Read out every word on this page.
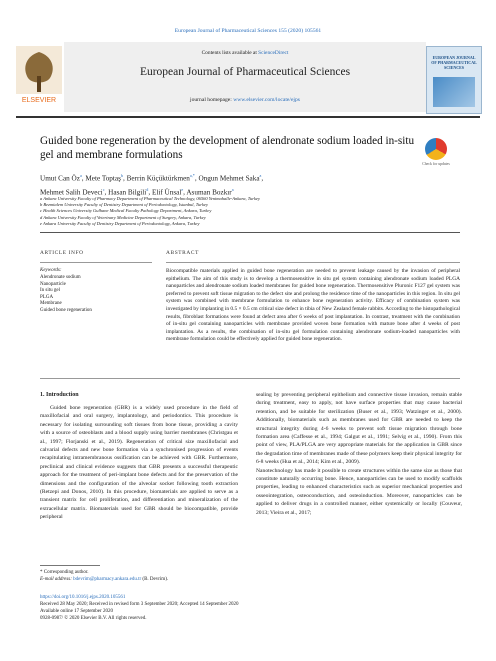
European Journal of Pharmaceutical Sciences 155 (2020) 105561
ELSEVIER
Contents lists available at ScienceDirect
European Journal of Pharmaceutical Sciences
journal homepage: www.elsevier.com/locate/ejps
EUROPEAN JOURNAL OF PHARMACEUTICAL SCIENCES
Guided bone regeneration by the development of alendronate sodium loaded in-situ gel and membrane formulations
Check for updates
Umut Can $Öz^a$, Mete Toptaş$^b$, Berrin Küçüktürkmen$^{a,*}$, Ongun Mehmet Saka$^a$,
Mehmet Salih Deveci$^c$, Hasan Bilgili$^d$, Elif Ünsal$^e$, Asuman Bozkır$^a$
a Ankara University Faculty of Pharmacy Department of Pharmaceutical Technology, 06560 Yenimahalle-Ankara, Turkey
b Bezmialem University Faculty of Dentistry Department of Periodontology, Istanbul, Turkey
c Health Sciences University Gulhane Medical Faculty Pathology Department, Ankara, Turkey
d Ankara University Faculty of Veterinary Medicine Department of Surgery, Ankara, Turkey
e Ankara University Faculty of Dentistry Department of Periodontology, Ankara, Turkey
ARTICLE INFO	ABSTRACT
Keywords:
Alendronate sodium
Nanoparticle
In situ gel
PLGA
Membrane
Guided bone regeneration
Biocompatible materials applied in guided bone regeneration are needed to prevent leakage caused by the invasion of peripheral epithelium. The aim of this study is to develop a thermosensitive in situ gel system containing alendronate sodium loaded PLGA nanoparticles and alendronate sodium loaded membranes for guided bone regeneration. Thermosensitive Pluronic F127 gel system was preferred to prevent soft tissue migration to the defect site and prolong the residence time of the nanoparticles in this region. In situ gel system was combined with membrane formulation to enhance bone regeneration activity. Efficacy of combination system was investigated by implanting in 0.5 × 0.5 cm critical size defect in tibia of New Zealand female rabbits. According to the histopathological results, fibroblast formations were found at defect area after 6 weeks of post implantation. In contrast, treatment with the combination of in-situ gel containing nanoparticles with membrane provided woven bone formation with mature bone after 4 weeks of post implantation. As a results, the combination of in-situ gel formulation containing alendronate sodium-loaded nanoparticles with membrane formulation could be effectively applied for guided bone regeneration.
1. Introduction
Guided bone regeneration (GBR) is a widely used procedure in the field of maxillofacial and oral surgery, implantology, and periodontics. This procedure is necessary for isolating surrounding soft tissues from bone tissue, providing a cavity with a source of osteoblasts and a blood supply using barrier membranes (Christgau et al., 1997; Florjanski et al., 2019). Regeneration of critical size maxillofacial and calvarial defects and new bone formation via a synchronised progression of events recapitulating intramembranous ossification can be achieved with GBR. Furthermore, preclinical and clinical evidence suggests that GBR presents a successful therapeutic approach for the treatment of peri-implant bone defects and for the preservation of the dimensions and the configuration of the alveolar socket following tooth extraction (Retzepi and Donos, 2010). In this procedure, biomaterials are applied to serve as a transient matrix for cell proliferation, and differentiation and mineralization of the extracellular matrix. Biomaterials used for GBR should be biocompatible, provide peripheral
sealing by preventing peripheral epithelium and connective tissue invasion, remain stable during treatment, easy to apply, not have surface properties that may cause bacterial retention, and be suitable for sterilization (Buser et al., 1993; Watzinger et al., 2000). Additionally, biomaterials such as membranes used for GBR are needed to keep the structural integrity during 4-6 weeks to prevent soft tissue migration through bone formation area (Caffesse et al., 1994; Galgut et al., 1991; Selvig et al., 1990). From this point of view, PLA/PLGA are very appropriate materials for the application in GBR since the degradation time of membranes made of these polymers keep their physical integrity for 6-8 weeks (Hua et al., 2014; Kim et al., 2009).
Nanotechnology has made it possible to create structures within the same size as those that constitute naturally occurring bone. Hence, nanoparticles can be used to modify scaffolds properties, leading to enhanced characteristics such as superior mechanical properties and osseointegration, osteoconduction, and osteoinduction. Moreover, nanoparticles can be applied to deliver drugs in a controlled manner, either systemically or locally (Couveur, 2013; Vieira et al., 2017;
* Corresponding author.
E-mail address: bdevrim@pharmacy.ankara.edu.tr (B. Devrim).
https://doi.org/10.1016/j.ejps.2020.105561
Received 28 May 2020; Received in revised form 3 September 2020; Accepted 14 September 2020
Available online 17 September 2020
0928-0987/ © 2020 Elsevier B.V. All rights reserved.
